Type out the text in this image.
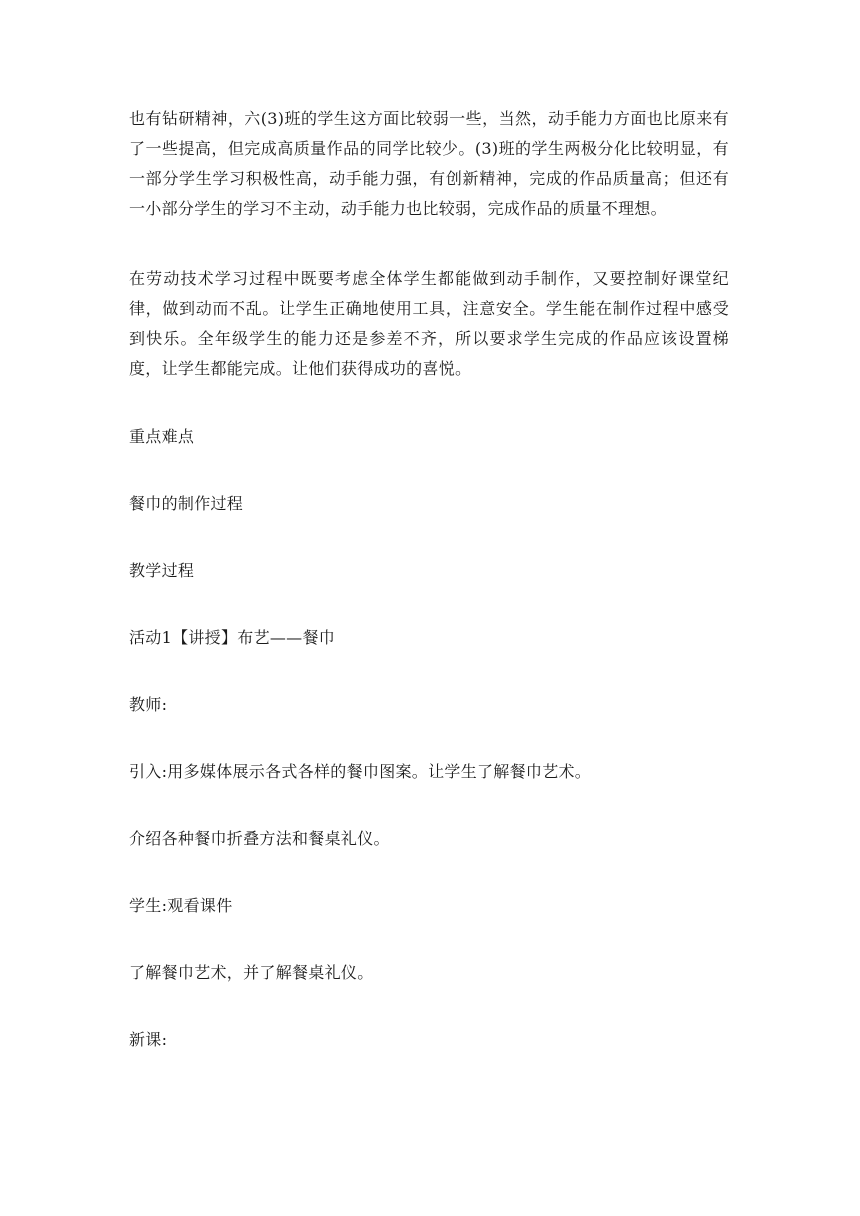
也有钻研精神，六(3)班的学生这方面比较弱一些，当然，动手能力方面也比原来有了一些提高，但完成高质量作品的同学比较少。(3)班的学生两极分化比较明显，有一部分学生学习积极性高，动手能力强，有创新精神，完成的作品质量高；但还有一小部分学生的学习不主动，动手能力也比较弱，完成作品的质量不理想。

在劳动技术学习过程中既要考虑全体学生都能做到动手制作，又要控制好课堂纪律，做到动而不乱。让学生正确地使用工具，注意安全。学生能在制作过程中感受到快乐。全年级学生的能力还是参差不齐，所以要求学生完成的作品应该设置梯度，让学生都能完成。让他们获得成功的喜悦。

重点难点

餐巾的制作过程

教学过程

活动1【讲授】布艺——餐巾

教师:

引入:用多媒体展示各式各样的餐巾图案。让学生了解餐巾艺术。

介绍各种餐巾折叠方法和餐桌礼仪。

学生:观看课件

了解餐巾艺术，并了解餐桌礼仪。

新课:
